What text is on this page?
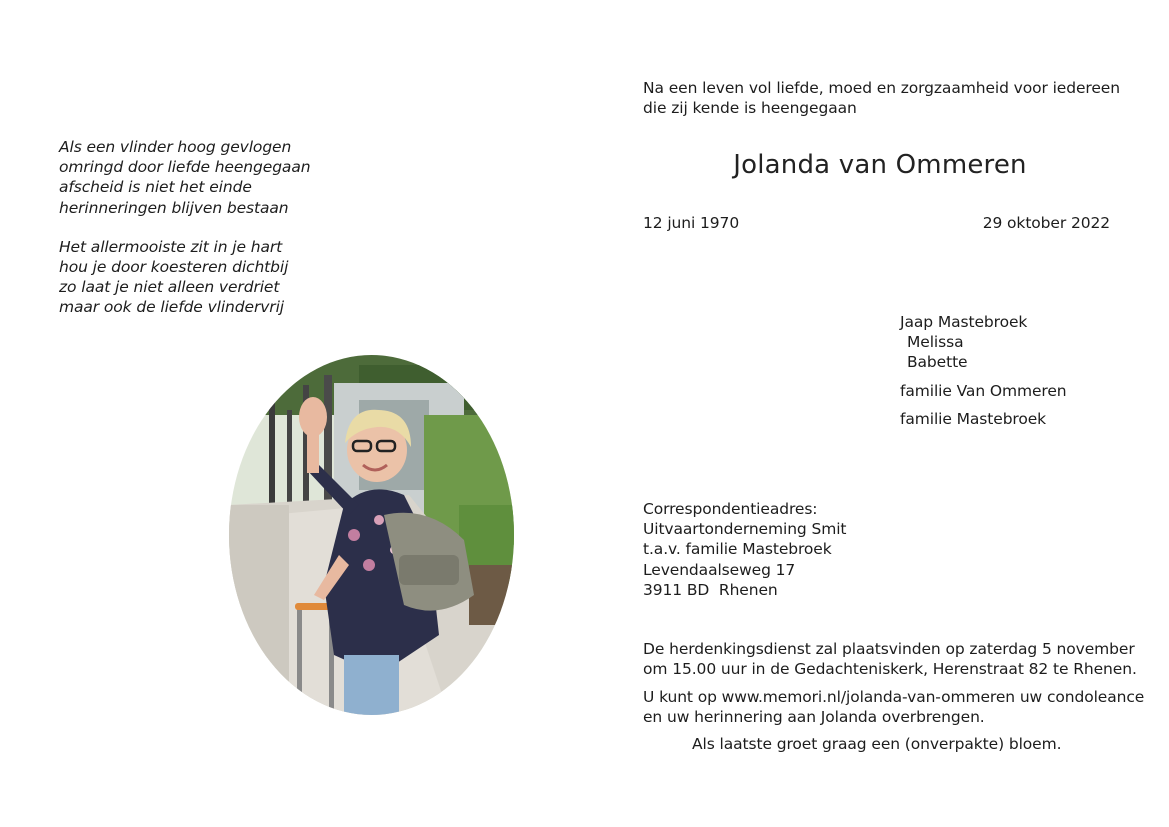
Als een vlinder hoog gevlogen
omringd door liefde heengegaan
afscheid is niet het einde
herinneringen blijven bestaan
Het allermooiste zit in je hart
hou je door koesteren dichtbij
zo laat je niet alleen verdriet
maar ook de liefde vlindervrij
Na een leven vol liefde, moed en zorgzaamheid voor iedereen
die zij kende is heengegaan
Jolanda van Ommeren
12 juni 1970	29 oktober 2022
Jaap Mastebroek
Melissa
Babette
familie Van Ommeren
familie Mastebroek
Correspondentieadres:
Uitvaartonderneming Smit
t.a.v. familie Mastebroek
Levendaalseweg 17
3911 BD  Rhenen
De herdenkingsdienst zal plaatsvinden op zaterdag 5 november
om 15.00 uur in de Gedachteniskerk, Herenstraat 82 te Rhenen.
U kunt op www.memori.nl/jolanda-van-ommeren uw condoleance
en uw herinnering aan Jolanda overbrengen.
Als laatste groet graag een (onverpakte) bloem.
